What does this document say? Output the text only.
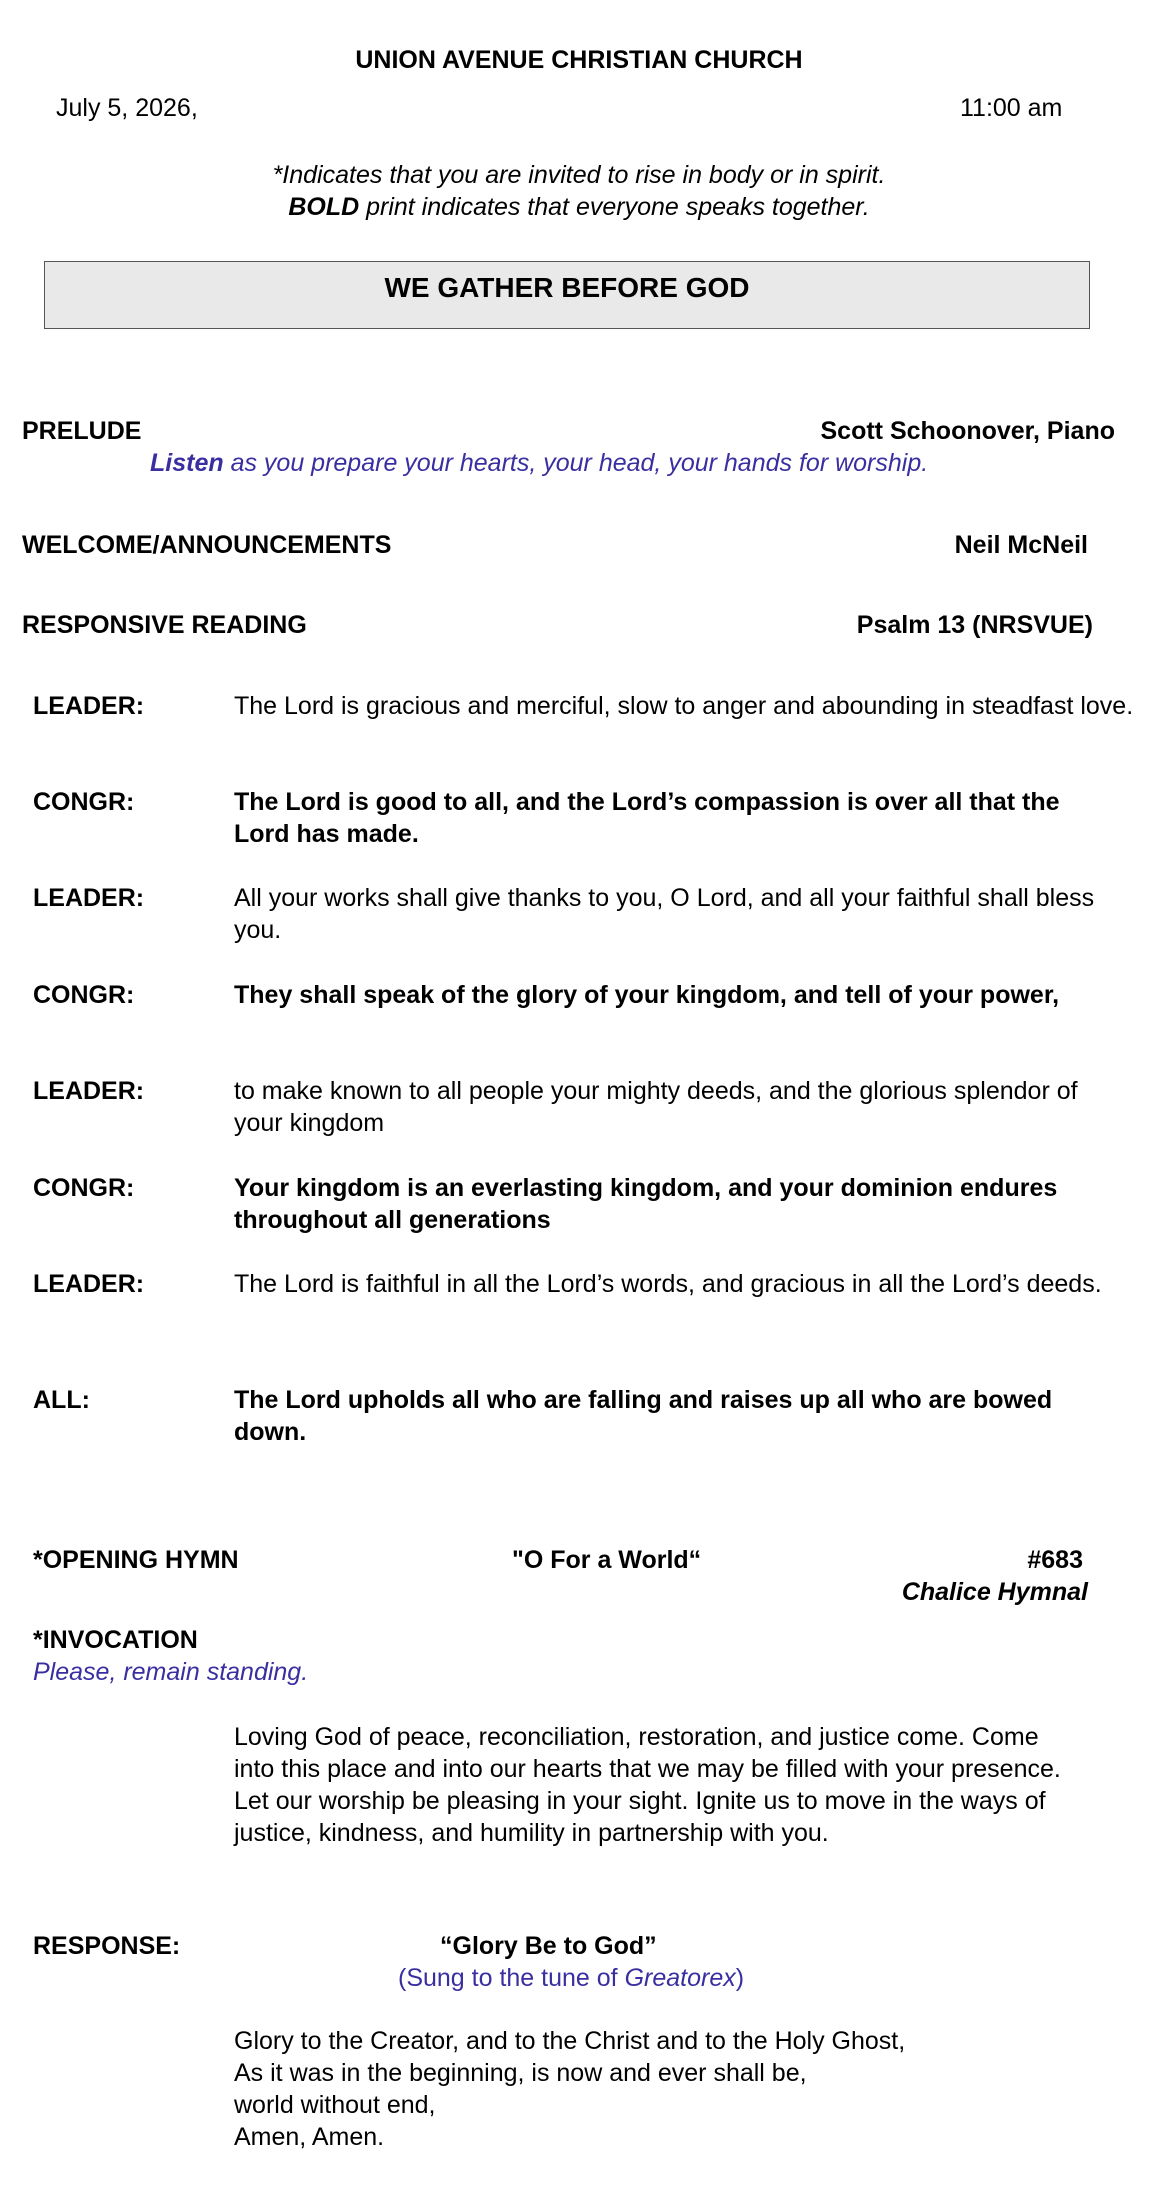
UNION AVENUE CHRISTIAN CHURCH
July 5, 2026,	11:00 am
*Indicates that you are invited to rise in body or in spirit.
BOLD print indicates that everyone speaks together.
WE GATHER BEFORE GOD
PRELUDE	Scott Schoonover, Piano
Listen as you prepare your hearts, your head, your hands for worship.
WELCOME/ANNOUNCEMENTS	Neil McNeil
RESPONSIVE READING	Psalm 13 (NRSVUE)
LEADER:	The Lord is gracious and merciful, slow to anger and abounding in steadfast love.
CONGR:	The Lord is good to all, and the Lord’s compassion is over all that the Lord has made.
LEADER:	All your works shall give thanks to you, O Lord, and all your faithful shall bless you.
CONGR:	They shall speak of the glory of your kingdom, and tell of your power,
LEADER:	to make known to all people your mighty deeds, and the glorious splendor of your kingdom
CONGR:	Your kingdom is an everlasting kingdom, and your dominion endures throughout all generations
LEADER:	The Lord is faithful in all the Lord’s words, and gracious in all the Lord’s deeds.
ALL:	The Lord upholds all who are falling and raises up all who are bowed down.
*OPENING HYMN	"O For a World“	#683
Chalice Hymnal
*INVOCATION
Please, remain standing.
Loving God of peace, reconciliation, restoration, and justice come. Come into this place and into our hearts that we may be filled with your presence. Let our worship be pleasing in your sight. Ignite us to move in the ways of justice, kindness, and humility in partnership with you.
RESPONSE:	“Glory Be to God”
(Sung to the tune of Greatorex)
Glory to the Creator, and to the Christ and to the Holy Ghost,
As it was in the beginning, is now and ever shall be,
world without end,
Amen, Amen.
